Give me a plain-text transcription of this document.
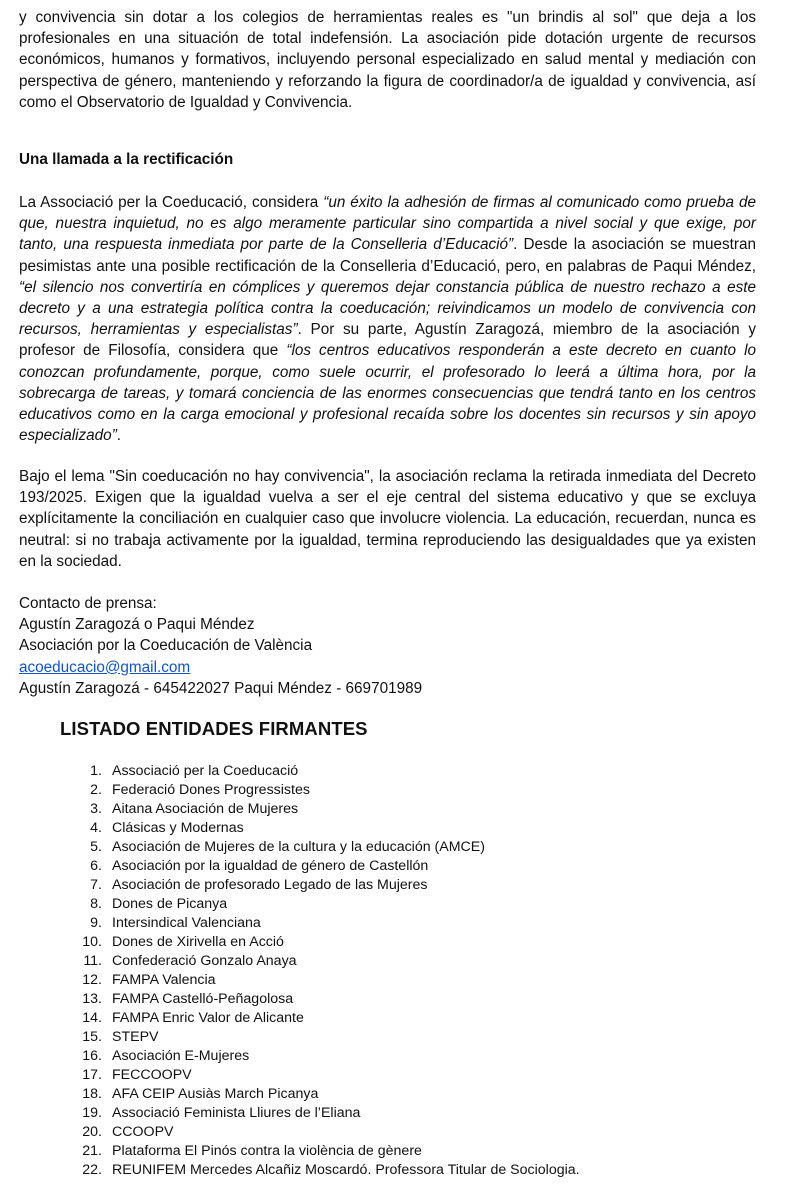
y convivencia sin dotar a los colegios de herramientas reales es "un brindis al sol" que deja a los profesionales en una situación de total indefensión. La asociación pide dotación urgente de recursos económicos, humanos y formativos, incluyendo personal especializado en salud mental y mediación con perspectiva de género, manteniendo y reforzando la figura de coordinador/a de igualdad y convivencia, así como el Observatorio de Igualdad y Convivencia.

Una llamada a la rectificación

La Associació per la Coeducació, considera “un éxito la adhesión de firmas al comunicado como prueba de que, nuestra inquietud, no es algo meramente particular sino compartida a nivel social y que exige, por tanto, una respuesta inmediata por parte de la Conselleria d’Educació”. Desde la asociación se muestran pesimistas ante una posible rectificación de la Conselleria d’Educació, pero, en palabras de Paqui Méndez, “el silencio nos convertiría en cómplices y queremos dejar constancia pública de nuestro rechazo a este decreto y a una estrategia política contra la coeducación; reivindicamos un modelo de convivencia con recursos, herramientas y especialistas”. Por su parte, Agustín Zaragozá, miembro de la asociación y profesor de Filosofía, considera que “los centros educativos responderán a este decreto en cuanto lo conozcan profundamente, porque, como suele ocurrir, el profesorado lo leerá a última hora, por la sobrecarga de tareas, y tomará conciencia de las enormes consecuencias que tendrá tanto en los centros educativos como en la carga emocional y profesional recaída sobre los docentes sin recursos y sin apoyo especializado”.

Bajo el lema "Sin coeducación no hay convivencia", la asociación reclama la retirada inmediata del Decreto 193/2025. Exigen que la igualdad vuelva a ser el eje central del sistema educativo y que se excluya explícitamente la conciliación en cualquier caso que involucre violencia. La educación, recuerdan, nunca es neutral: si no trabaja activamente por la igualdad, termina reproduciendo las desigualdades que ya existen en la sociedad.

Contacto de prensa:
Agustín Zaragozá o Paqui Méndez
Asociación por la Coeducación de València
acoeducacio@gmail.com
Agustín Zaragozá - 645422027 Paqui Méndez - 669701989
LISTADO ENTIDADES FIRMANTES
1. Associació per la Coeducació
2. Federació Dones Progressistes
3. Aitana Asociación de Mujeres
4. Clásicas y Modernas
5. Asociación de Mujeres de la cultura y la educación (AMCE)
6. Asociación por la igualdad de género de Castellón
7. Asociación de profesorado Legado de las Mujeres
8. Dones de Picanya
9. Intersindical Valenciana
10. Dones de Xirivella en Acció
11. Confederació Gonzalo Anaya
12. FAMPA Valencia
13. FAMPA Castelló-Peñagolosa
14. FAMPA Enric Valor de Alicante
15. STEPV
16. Asociación E-Mujeres
17. FECCOOPV
18. AFA CEIP Ausiàs March Picanya
19. Associació Feminista Lliures de l’Eliana
20. CCOOPV
21. Plataforma El Pinós contra la violència de gènere
22. REUNIFEM Mercedes Alcañiz Moscardó. Professora Titular de Sociologia.
